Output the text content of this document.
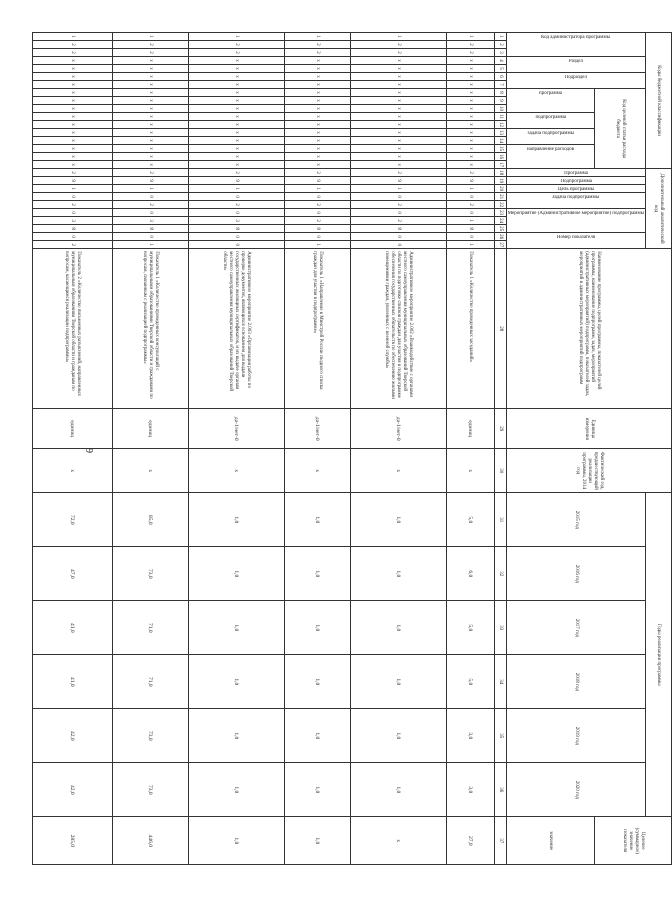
9
Коды бюджетной классификации																	Дополнительный аналитический код										Наименование программы, целей программы, показателей целей программы, наименование подпрограмм, задач, мероприятий (административных мероприятий) подпрограмм, показателей задач, мероприятий и административных мероприятий подпрограмм	Единица измерения	Фактический год, предшествующий реализации программы, 2014 год	Годы реализации программы						Целевое (суммарное) значение показателя

Код администратора программы			Раздел		Подраздел		Код целевой статьи расхода бюджета										Программа	Подпрограмма	Цель программы	Задача подпрограммы		Мероприятие (Административное мероприятие) подпрограммы			Номер показателя					2015 год	2016 год	2017 год	2018 год	2019 год	2020 год	

							программа			подпрограмма		задача подпрограммы		направление расходов																						значение
1	2	3	4	5	6	7	8	9	10	11	12	13	14	15	16	17	18	19	20	21	22	23	24	25	26	27	28	29	30	31	32	33	34	35	36	37
1	2	2	х	х	х	х	х	х	х	х	х	х	х	х	х	х	2	9	1	0	2	0	1	8	0	1	Показатель 1 «Количество проведенных заседаний»	единиц	х	5,0	6,0	5,0	5,0	3,0	3,0	27,0
1	2	2	х	х	х	х	х	х	х	х	х	х	х	х	х	х	2	9	1	0	2	0	2	8	0	0	Административное мероприятие 2.002 «Взаимодействие с органами местного самоуправления муниципальных образований Тверской области по подготовке списков граждан для участия в подпрограмме обеспечения государственных обязательств по обеспечению жилыми помещениями граждан, уволенных с военной службы»	да-1/нет-0	х	1,0	1,0	1,0	1,0	1,0	1,0	х
1	2	2	х	х	х	х	х	х	х	х	х	х	х	х	х	х	2	9	1	0	2	0	2	8	0	1	Показатель 1 «Направление в Минстрой России сводного списка граждан для участия в подпрограмме»	да-1/нет-0	х	1,0	1,0	1,0	1,0	1,0	1,0	1,0
1	2	2	х	х	х	х	х	х	х	х	х	х	х	х	х	х	2	9	1	0	2	0	3	8	0	0	Административное мероприятие 2.003 «Организация работы по проверке документов, являющихся основанием для выдачи государственных жилищных сертификатов, и их выдаче органам местного самоуправления муниципальных образований Тверской области»	да-1/нет-0	х	1,0	1,0	1,0	1,0	1,0	1,0	1,0
1	2	2	х	х	х	х	х	х	х	х	х	х	х	х	х	х	2	9	1	0	2	0	3	8	0	1	Показатель 1 «Количество проведенных консультаций с муниципальными образованиями Тверской области и гражданами по вопросам, связанным с реализацией подпрограммы»	единиц	х	85,0	73,0	71,0	71,0	73,0	73,0	446,0
1	2	2	х	х	х	х	х	х	х	х	х	х	х	х	х	х	2	9	1	0	2	0	3	8	0	2	Показатель 2 «Количество письменных разъяснений, направленных муниципальным образованиям Тверской области и гражданам по вопросам, касающимся реализации подпрограммы»	единиц	х	72,0	47,0	41,0	41,0	42,0	42,0	285,0
